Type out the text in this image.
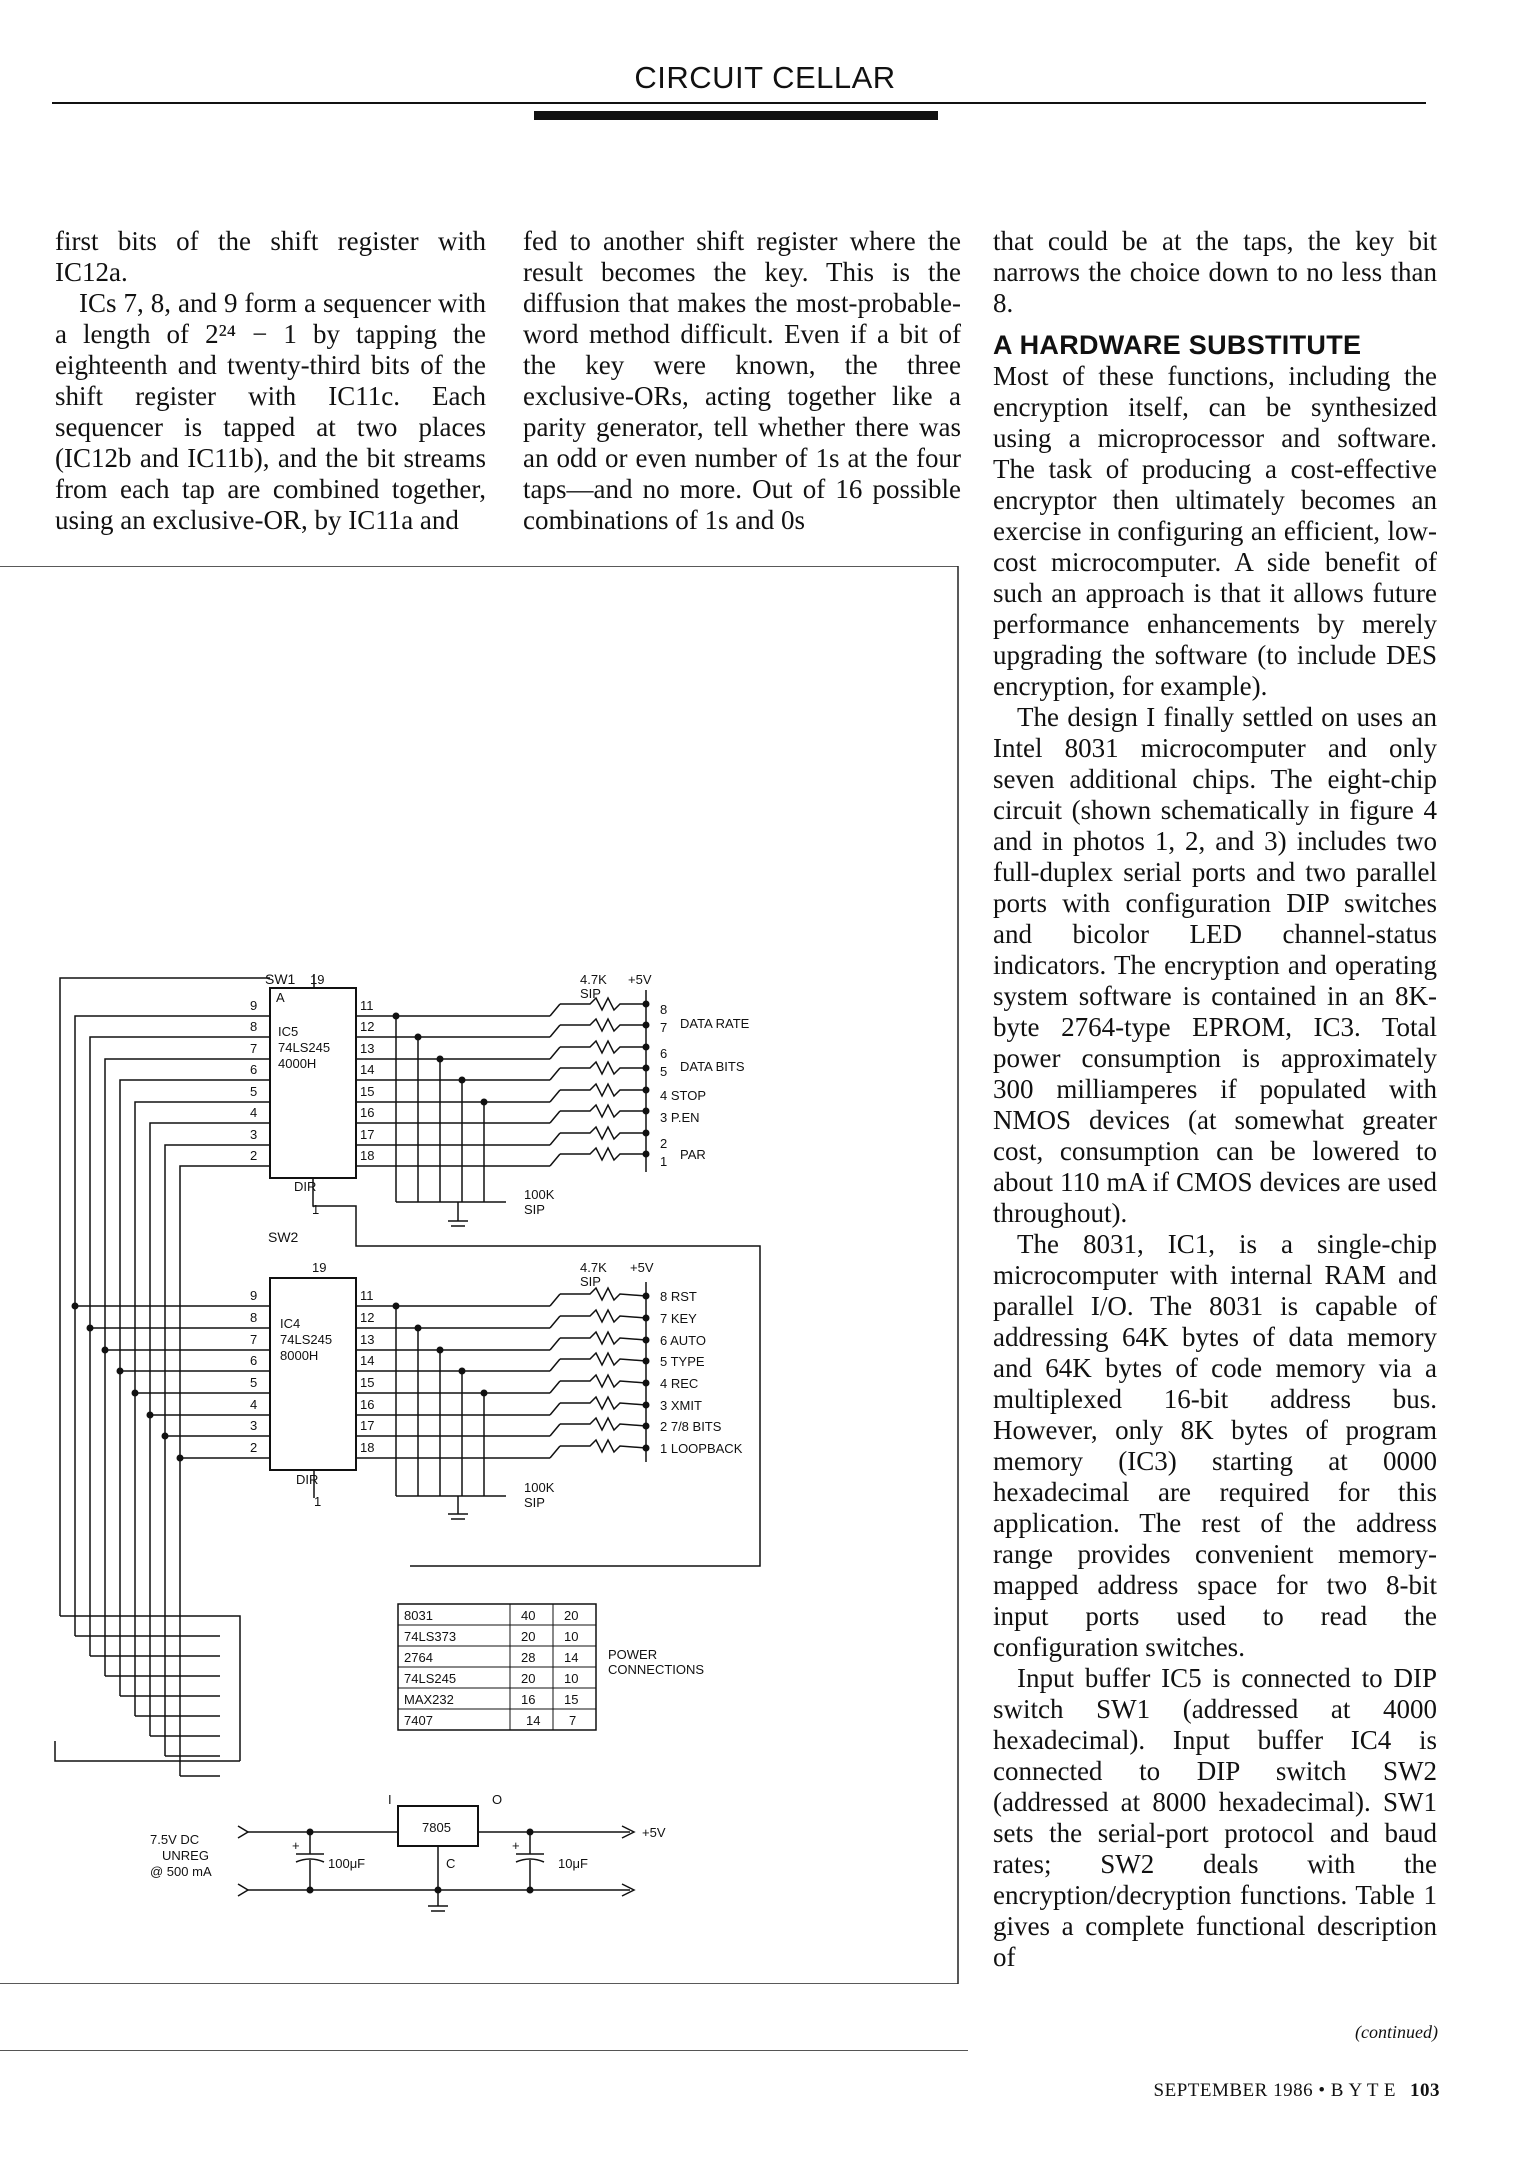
CIRCUIT CELLAR

first bits of the shift register with IC12a.

ICs 7, 8, and 9 form a sequencer with a length of 2²⁴ − 1 by tapping the eighteenth and twenty-third bits of the shift register with IC11c. Each sequencer is tapped at two places (IC12b and IC11b), and the bit streams from each tap are combined together, using an exclusive-OR, by IC11a and

fed to another shift register where the result becomes the key. This is the diffusion that makes the most-probable-word method difficult. Even if a bit of the key were known, the three exclusive-ORs, acting together like a parity generator, tell whether there was an odd or even number of 1s at the four taps—and no more. Out of 16 possible combinations of 1s and 0s

that could be at the taps, the key bit narrows the choice down to no less than 8.

A HARDWARE SUBSTITUTE

Most of these functions, including the encryption itself, can be synthesized using a microprocessor and software. The task of producing a cost-effective encryptor then ultimately becomes an exercise in configuring an efficient, low-cost microcomputer. A side benefit of such an approach is that it allows future performance enhancements by merely upgrading the software (to include DES encryption, for example).

The design I finally settled on uses an Intel 8031 microcomputer and only seven additional chips. The eight-chip circuit (shown schematically in figure 4 and in photos 1, 2, and 3) includes two full-duplex serial ports and two parallel ports with configuration DIP switches and bicolor LED channel-status indicators. The encryption and operating system software is contained in an 8K-byte 2764-type EPROM, IC3. Total power consumption is approximately 300 milliamperes if populated with NMOS devices (at somewhat greater cost, consumption can be lowered to about 110 mA if CMOS devices are used throughout).

The 8031, IC1, is a single-chip microcomputer with internal RAM and parallel I/O. The 8031 is capable of addressing 64K bytes of data memory and 64K bytes of code memory via a multiplexed 16-bit address bus. However, only 8K bytes of program memory (IC3) starting at 0000 hexadecimal are required for this application. The rest of the address range provides convenient memory-mapped address space for two 8-bit input ports used to read the configuration switches.

Input buffer IC5 is connected to DIP switch SW1 (addressed at 4000 hexadecimal). Input buffer IC4 is connected to DIP switch SW2 (addressed at 8000 hexadecimal). SW1 sets the serial-port protocol and baud rates; SW2 deals with the encryption/decryption functions. Table 1 gives a complete functional description of

(continued)
SW1 19
A
IC5
74LS245
4000H
DIR
1
9
8
7
6
5
4
3
2
11
12
13
14
15
16
17
18
100K
SIP
4.7K
SIP
+5V
8
7 DATA RATE
6
5 DATA BITS
4 STOP
3 P.EN
2
1 PAR
SW2
19
IC4
74LS245
8000H
DIR
1
9
8
7
6
5
4
3
2
11
12
13
14
15
16
17
18
100K
SIP
4.7K
SIP
+5V
8 RST
7 KEY
6 AUTO
5 TYPE
4 REC
3 XMIT
2 7/8 BITS
1 LOOPBACK
8031	40 20
74LS373	20 10
2764	28 14
74LS245	20 10
MAX232	16 15
7407	14 7
POWER
CONNECTIONS
7.5V DC
UNREG
@ 500 mA
7805
I	O
C
+	+
100μF	10μF
+5V
SEPTEMBER 1986 • B Y T E 103
